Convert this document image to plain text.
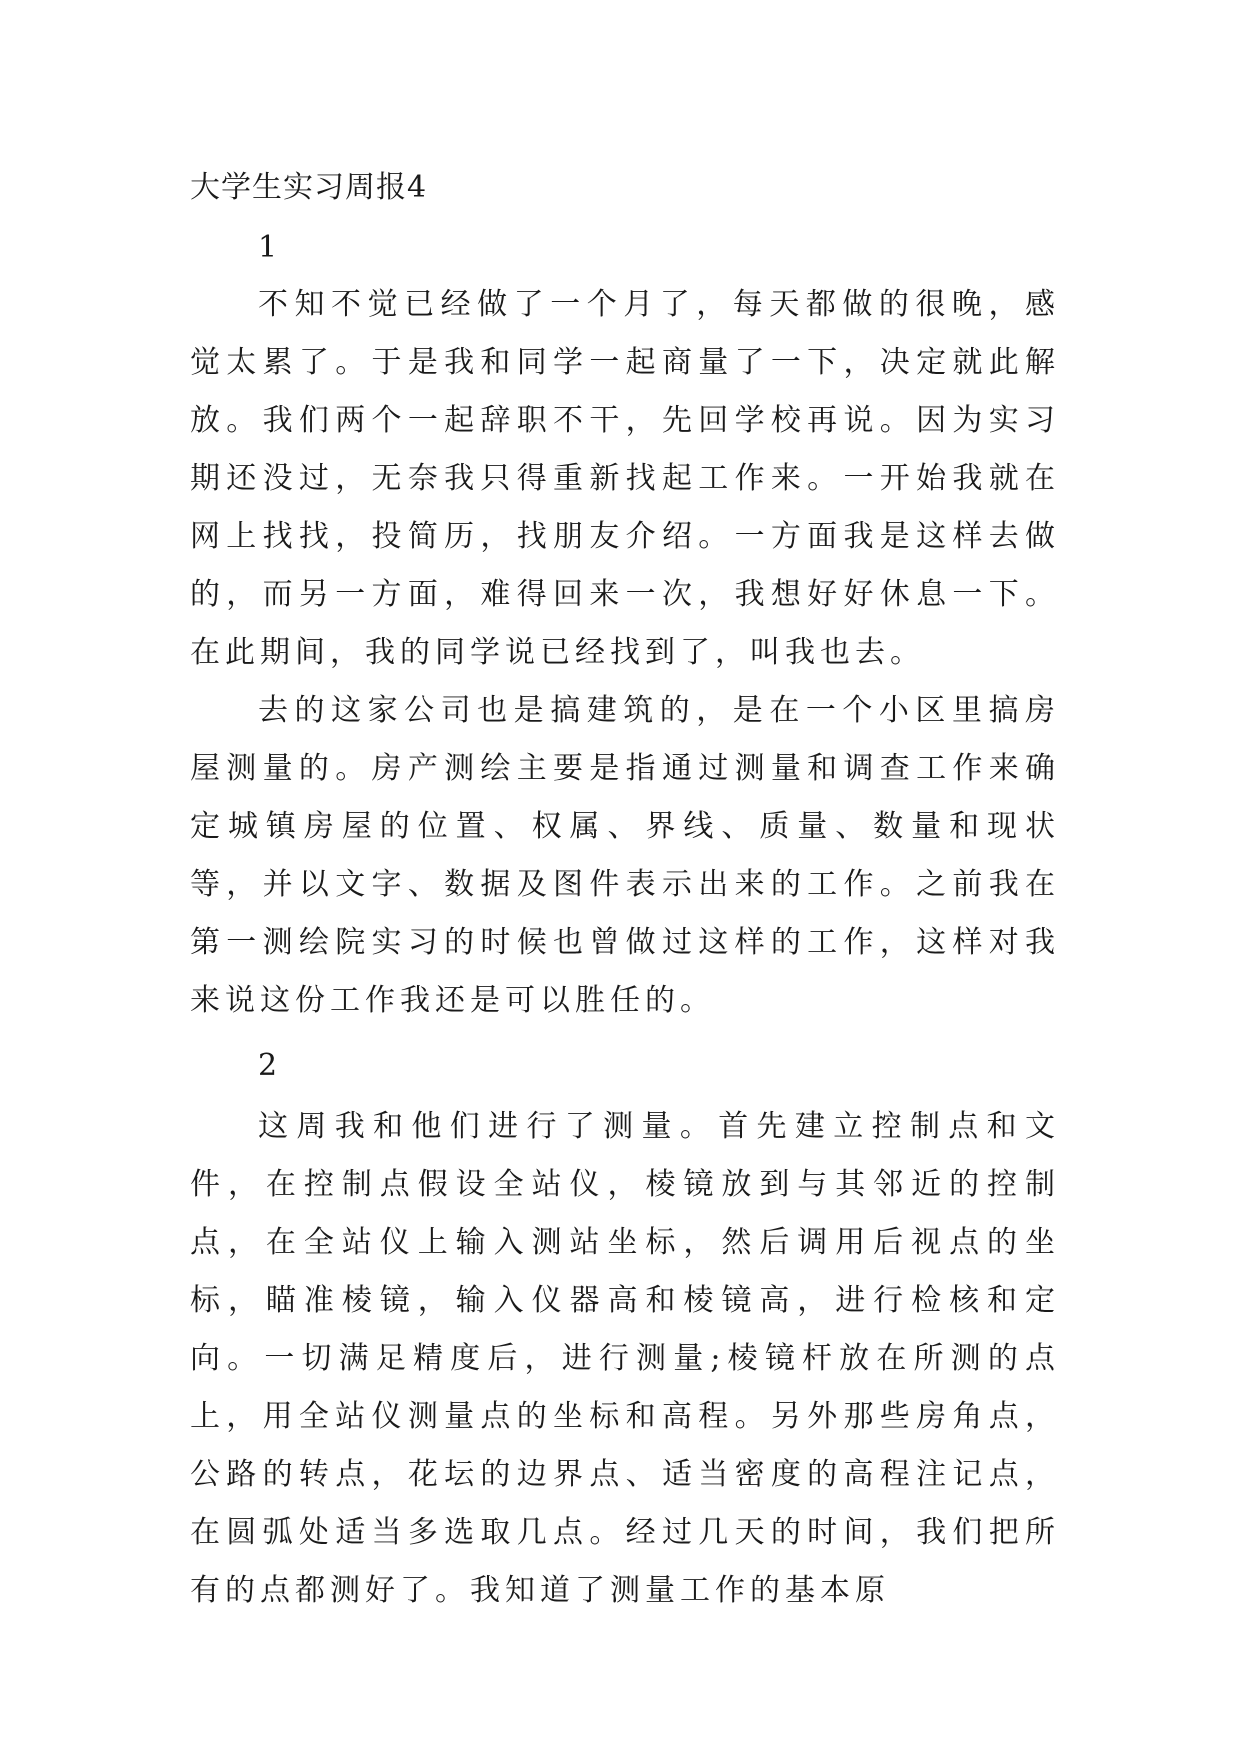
大学生实习周报4

1

不知不觉已经做了一个月了，每天都做的很晚，感觉太累了。于是我和同学一起商量了一下，决定就此解放。我们两个一起辞职不干，先回学校再说。因为实习期还没过，无奈我只得重新找起工作来。一开始我就在网上找找，投简历，找朋友介绍。一方面我是这样去做的，而另一方面，难得回来一次，我想好好休息一下。在此期间，我的同学说已经找到了，叫我也去。

去的这家公司也是搞建筑的，是在一个小区里搞房屋测量的。房产测绘主要是指通过测量和调查工作来确定城镇房屋的位置、权属、界线、质量、数量和现状等，并以文字、数据及图件表示出来的工作。之前我在第一测绘院实习的时候也曾做过这样的工作，这样对我来说这份工作我还是可以胜任的。

2

这周我和他们进行了测量。首先建立控制点和文件，在控制点假设全站仪，棱镜放到与其邻近的控制点，在全站仪上输入测站坐标，然后调用后视点的坐标，瞄准棱镜，输入仪器高和棱镜高，进行检核和定向。一切满足精度后，进行测量;棱镜杆放在所测的点上，用全站仪测量点的坐标和高程。另外那些房角点，公路的转点，花坛的边界点、适当密度的高程注记点，在圆弧处适当多选取几点。经过几天的时间，我们把所有的点都测好了。我知道了测量工作的基本原
